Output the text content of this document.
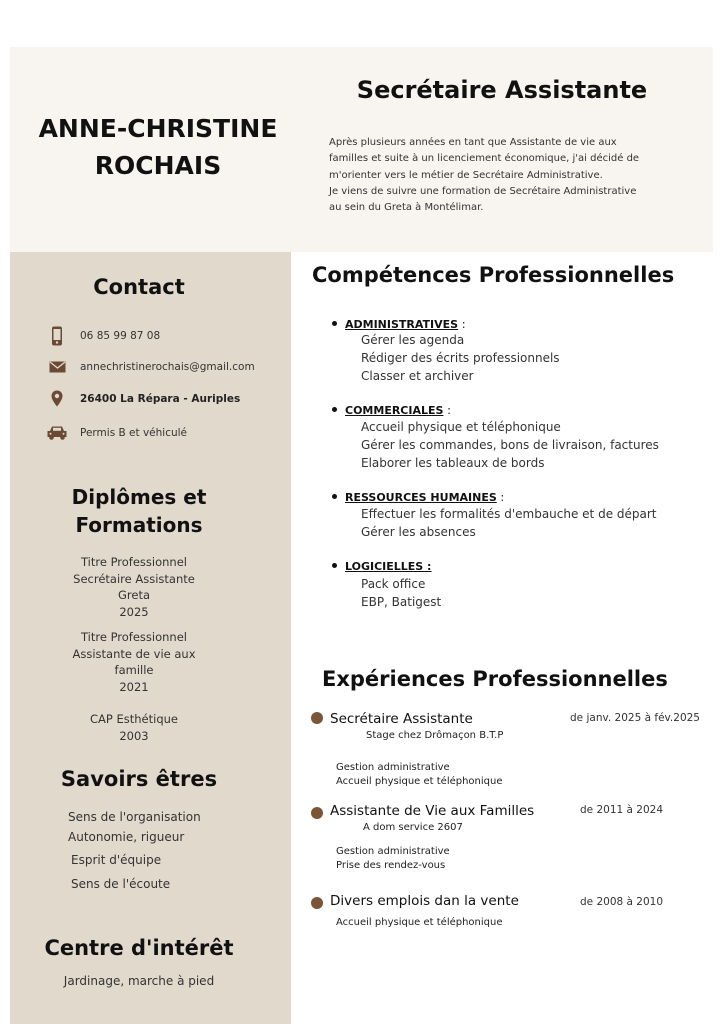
ANNE-CHRISTINE
ROCHAIS
Secrétaire Assistante

Après plusieurs années en tant que Assistante de vie aux

familles et suite à un licenciement économique, j'ai décidé de

m'orienter vers le métier de Secrétaire Administrative.

Je viens de suivre une formation de Secrétaire Administrative

au sein du Greta à Montélimar.

Contact
06 85 99 87 08
annechristinerochais@gmail.com
26400 La Répara - Auriples
Permis B et véhiculé
Diplômes et
Formations
Titre Professionnel
Secrétaire Assistante
Greta
2025
Titre Professionnel
Assistante de vie aux
famille
2021
CAP Esthétique
2003
Savoirs êtres
Sens de l'organisation
Autonomie, rigueur
Esprit d'équipe
Sens de l'écoute
Centre d'intérêt
Jardinage, marche à pied
Compétences Professionnelles
ADMINISTRATIVES :
Gérer les agenda
Rédiger des écrits professionnels
Classer et archiver
COMMERCIALES :
Accueil physique et téléphonique
Gérer les commandes, bons de livraison, factures
Elaborer les tableaux de bords
RESSOURCES HUMAINES :
Effectuer les formalités d'embauche et de départ
Gérer les absences
LOGICIELLES :
Pack office
EBP, Batigest
Expériences Professionnelles
Secrétaire Assistante	de janv. 2025 à fév.2025
Stage chez Drômaçon B.T.P
Gestion administrative
Accueil physique et téléphonique
Assistante de Vie aux Familles	de 2011 à 2024
A dom service 2607
Gestion administrative
Prise des rendez-vous
Divers emplois dan la vente	de 2008 à 2010
Accueil physique et téléphonique
